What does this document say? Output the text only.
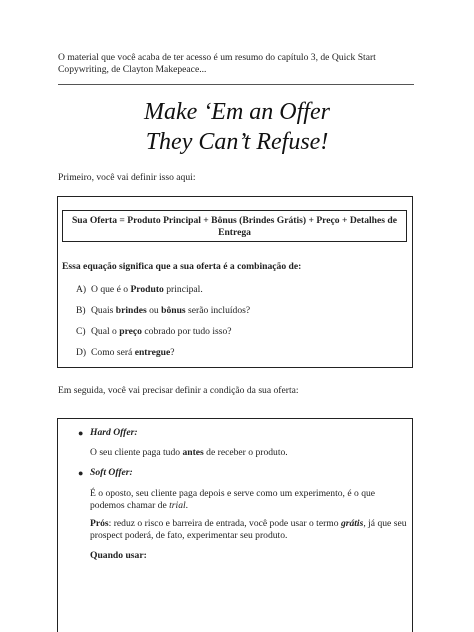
O material que você acaba de ter acesso é um resumo do capítulo 3, de Quick Start Copywriting, de Clayton Makepeace...
Make ‘Em an Offer
They Can’t Refuse!
Primeiro, você vai definir isso aqui:
Sua Oferta = Produto Principal + Bônus (Brindes Grátis) + Preço + Detalhes de Entrega
Essa equação significa que a sua oferta é a combinação de:
A) O que é o Produto principal.
B) Quais brindes ou bônus serão incluídos?
C) Qual o preço cobrado por tudo isso?
D) Como será entregue?
Em seguida, você vai precisar definir a condição da sua oferta:
● Hard Offer:
O seu cliente paga tudo antes de receber o produto.
● Soft Offer:
É o oposto, seu cliente paga depois e serve como um experimento, é o que podemos chamar de trial.
Prós: reduz o risco e barreira de entrada, você pode usar o termo grátis, já que seu prospect poderá, de fato, experimentar seu produto.
Quando usar:
